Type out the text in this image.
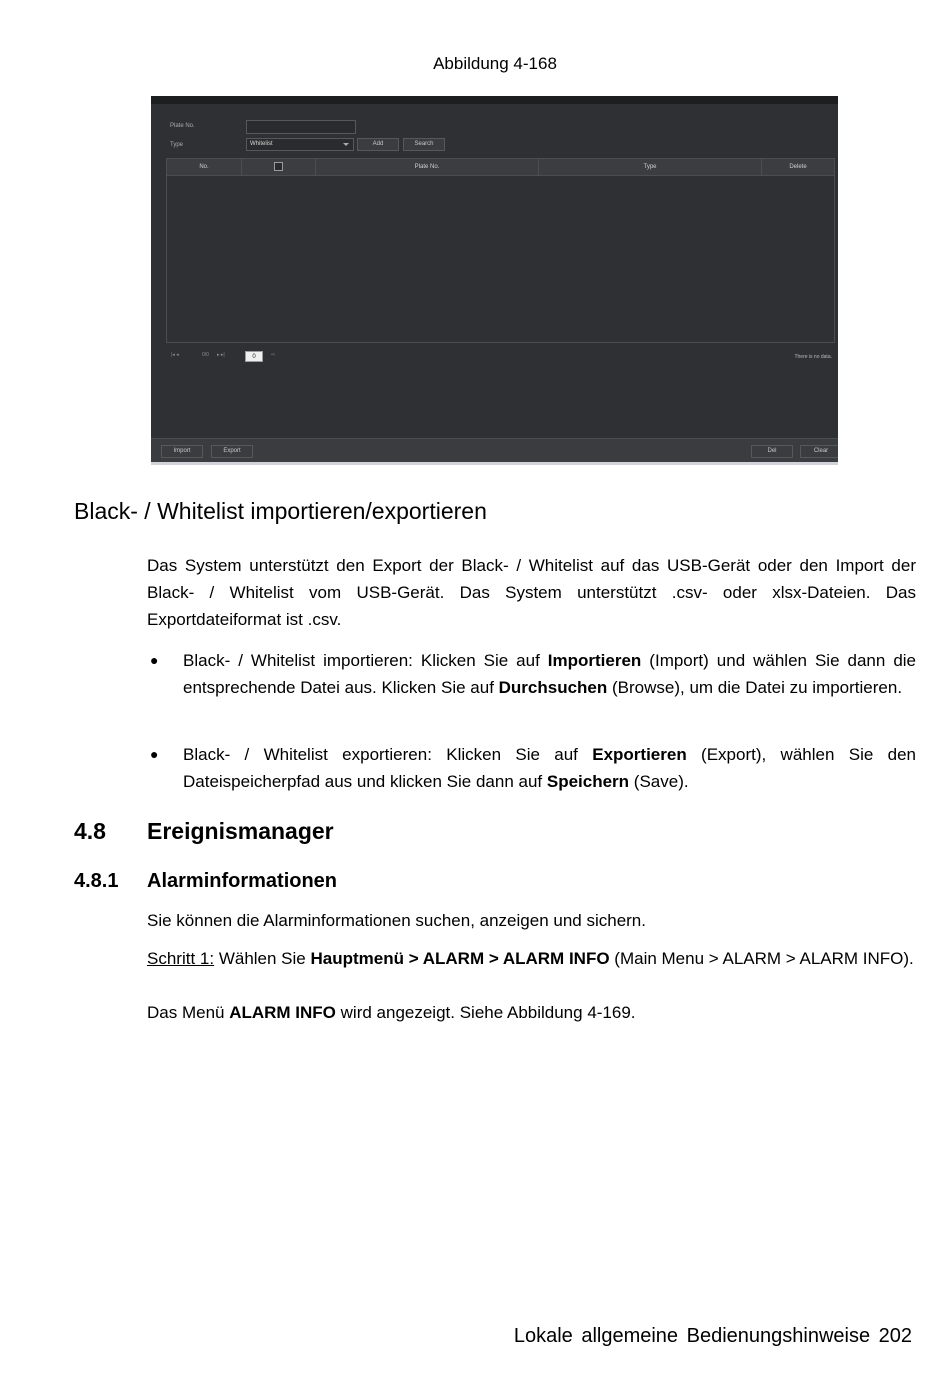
Abbildung 4-168
Plate No.
Type	Whitelist	Add	Search
No.	Plate No.	Type	Delete
|◂ ◂	0/0 ▸ ▸|	0	⇨	There is no data.
Import	Export	Del	Clear
Black- / Whitelist importieren/exportieren
Das System unterstützt den Export der Black- / Whitelist auf das USB-Gerät oder den Import der Black- / Whitelist vom USB-Gerät. Das System unterstützt .csv- oder xlsx-Dateien. Das Exportdateiformat ist .csv.
● Black- / Whitelist importieren: Klicken Sie auf Importieren (Import) und wählen Sie dann die entsprechende Datei aus. Klicken Sie auf Durchsuchen (Browse), um die Datei zu importieren.
● Black- / Whitelist exportieren: Klicken Sie auf Exportieren (Export), wählen Sie den Dateispeicherpfad aus und klicken Sie dann auf Speichern (Save).
4.8 Ereignismanager
4.8.1 Alarminformationen
Sie können die Alarminformationen suchen, anzeigen und sichern.
Schritt 1: Wählen Sie Hauptmenü > ALARM > ALARM INFO (Main Menu > ALARM > ALARM INFO).
Das Menü ALARM INFO wird angezeigt. Siehe Abbildung 4-169.
Lokale allgemeine Bedienungshinweise 202
